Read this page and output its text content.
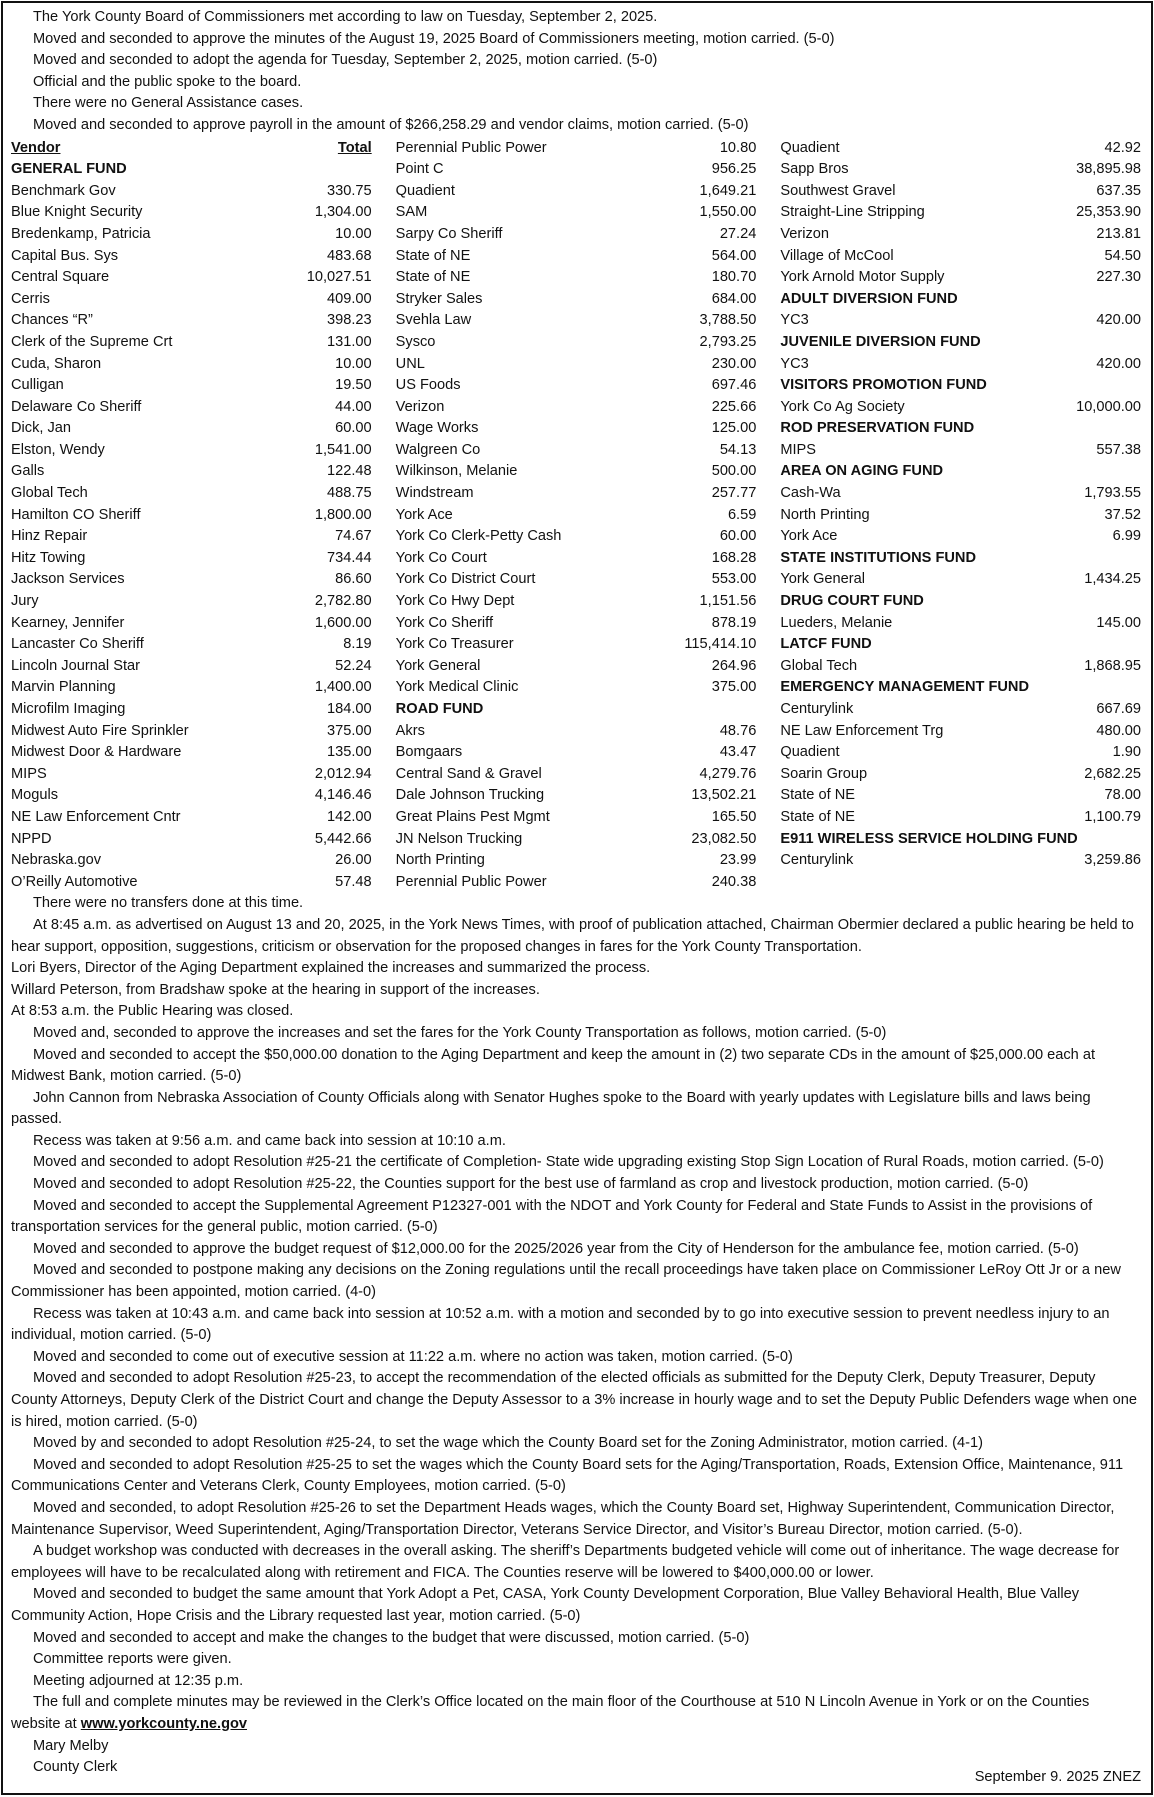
The York County Board of Commissioners met according to law on Tuesday, September 2, 2025.

Moved and seconded to approve the minutes of the August 19, 2025 Board of Commissioners meeting, motion carried. (5-0)

Moved and seconded to adopt the agenda for Tuesday, September 2, 2025, motion carried. (5-0)

Official and the public spoke to the board.

There were no General Assistance cases.

Moved and seconded to approve payroll in the amount of $266,258.29 and vendor claims, motion carried. (5-0)

Vendor	Total
GENERAL FUND
Benchmark Gov	330.75
Blue Knight Security	1,304.00
Bredenkamp, Patricia	10.00
Capital Bus. Sys	483.68
Central Square	10,027.51
Cerris	409.00
Chances “R”	398.23
Clerk of the Supreme Crt	131.00
Cuda, Sharon	10.00
Culligan	19.50
Delaware Co Sheriff	44.00
Dick, Jan	60.00
Elston, Wendy	1,541.00
Galls	122.48
Global Tech	488.75
Hamilton CO Sheriff	1,800.00
Hinz Repair	74.67
Hitz Towing	734.44
Jackson Services	86.60
Jury	2,782.80
Kearney, Jennifer	1,600.00
Lancaster Co Sheriff	8.19
Lincoln Journal Star	52.24
Marvin Planning	1,400.00
Microfilm Imaging	184.00
Midwest Auto Fire Sprinkler	375.00
Midwest Door & Hardware	135.00
MIPS	2,012.94
Moguls	4,146.46
NE Law Enforcement Cntr	142.00
NPPD	5,442.66
Nebraska.gov	26.00
O’Reilly Automotive	57.48
Perennial Public Power	10.80
Point C	956.25
Quadient	1,649.21
SAM	1,550.00
Sarpy Co Sheriff	27.24
State of NE	564.00
State of NE	180.70
Stryker Sales	684.00
Svehla Law	3,788.50
Sysco	2,793.25
UNL	230.00
US Foods	697.46
Verizon	225.66
Wage Works	125.00
Walgreen Co	54.13
Wilkinson, Melanie	500.00
Windstream	257.77
York Ace	6.59
York Co Clerk-Petty Cash	60.00
York Co Court	168.28
York Co District Court	553.00
York Co Hwy Dept	1,151.56
York Co Sheriff	878.19
York Co Treasurer	115,414.10
York General	264.96
York Medical Clinic	375.00
ROAD FUND
Akrs	48.76
Bomgaars	43.47
Central Sand & Gravel	4,279.76
Dale Johnson Trucking	13,502.21
Great Plains Pest Mgmt	165.50
JN Nelson Trucking	23,082.50
North Printing	23.99
Perennial Public Power	240.38
Quadient	42.92
Sapp Bros	38,895.98
Southwest Gravel	637.35
Straight-Line Stripping	25,353.90
Verizon	213.81
Village of McCool	54.50
York Arnold Motor Supply	227.30
ADULT DIVERSION FUND
YC3	420.00
JUVENILE DIVERSION FUND
YC3	420.00
VISITORS PROMOTION FUND
York Co Ag Society	10,000.00
ROD PRESERVATION FUND
MIPS	557.38
AREA ON AGING FUND
Cash-Wa	1,793.55
North Printing	37.52
York Ace	6.99
STATE INSTITUTIONS FUND
York General	1,434.25
DRUG COURT FUND
Lueders, Melanie	145.00
LATCF FUND
Global Tech	1,868.95
EMERGENCY MANAGEMENT FUND
Centurylink	667.69
NE Law Enforcement Trg	480.00
Quadient	1.90
Soarin Group	2,682.25
State of NE	78.00
State of NE	1,100.79
E911 WIRELESS SERVICE HOLDING FUND
Centurylink	3,259.86

There were no transfers done at this time.

At 8:45 a.m. as advertised on August 13 and 20, 2025, in the York News Times, with proof of publication attached, Chairman Obermier declared a public hearing be held to hear support, opposition, suggestions, criticism or observation for the proposed changes in fares for the York County Transportation.

Lori Byers, Director of the Aging Department explained the increases and summarized the process.

Willard Peterson, from Bradshaw spoke at the hearing in support of the increases.

At 8:53 a.m. the Public Hearing was closed.

Moved and, seconded to approve the increases and set the fares for the York County Transportation as follows, motion carried. (5-0)

Moved and seconded to accept the $50,000.00 donation to the Aging Department and keep the amount in (2) two separate CDs in the amount of $25,000.00 each at Midwest Bank, motion carried. (5-0)

John Cannon from Nebraska Association of County Officials along with Senator Hughes spoke to the Board with yearly updates with Legislature bills and laws being passed.

Recess was taken at 9:56 a.m. and came back into session at 10:10 a.m.

Moved and seconded to adopt Resolution #25-21 the certificate of Completion- State wide upgrading existing Stop Sign Location of Rural Roads, motion carried. (5-0)

Moved and seconded to adopt Resolution #25-22, the Counties support for the best use of farmland as crop and livestock production, motion carried. (5-0)

Moved and seconded to accept the Supplemental Agreement P12327-001 with the NDOT and York County for Federal and State Funds to Assist in the provisions of transportation services for the general public, motion carried. (5-0)

Moved and seconded to approve the budget request of $12,000.00 for the 2025/2026 year from the City of Henderson for the ambulance fee, motion carried. (5-0)

Moved and seconded to postpone making any decisions on the Zoning regulations until the recall proceedings have taken place on Commissioner LeRoy Ott Jr or a new Commissioner has been appointed, motion carried. (4-0)

Recess was taken at 10:43 a.m. and came back into session at 10:52 a.m. with a motion and seconded by to go into executive session to prevent needless injury to an individual, motion carried. (5-0)

Moved and seconded to come out of executive session at 11:22 a.m. where no action was taken, motion carried. (5-0)

Moved and seconded to adopt Resolution #25-23, to accept the recommendation of the elected officials as submitted for the Deputy Clerk, Deputy Treasurer, Deputy County Attorneys, Deputy Clerk of the District Court and change the Deputy Assessor to a 3% increase in hourly wage and to set the Deputy Public Defenders wage when one is hired, motion carried. (5-0)

Moved by and seconded to adopt Resolution #25-24, to set the wage which the County Board set for the Zoning Administrator, motion carried. (4-1)

Moved and seconded to adopt Resolution #25-25 to set the wages which the County Board sets for the Aging/Transportation, Roads, Extension Office, Maintenance, 911 Communications Center and Veterans Clerk, County Employees, motion carried. (5-0)

Moved and seconded, to adopt Resolution #25-26 to set the Department Heads wages, which the County Board set, Highway Superintendent, Communication Director, Maintenance Supervisor, Weed Superintendent, Aging/Transportation Director, Veterans Service Director, and Visitor’s Bureau Director, motion carried. (5-0).

A budget workshop was conducted with decreases in the overall asking. The sheriff’s Departments budgeted vehicle will come out of inheritance. The wage decrease for employees will have to be recalculated along with retirement and FICA. The Counties reserve will be lowered to $400,000.00 or lower.

Moved and seconded to budget the same amount that York Adopt a Pet, CASA, York County Development Corporation, Blue Valley Behavioral Health, Blue Valley Community Action, Hope Crisis and the Library requested last year, motion carried. (5-0)

Moved and seconded to accept and make the changes to the budget that were discussed, motion carried. (5-0)

Committee reports were given.

Meeting adjourned at 12:35 p.m.

The full and complete minutes may be reviewed in the Clerk’s Office located on the main floor of the Courthouse at 510 N Lincoln Avenue in York or on the Counties website at www.yorkcounty.ne.gov

Mary Melby

County Clerk

September 9. 2025 ZNEZ
